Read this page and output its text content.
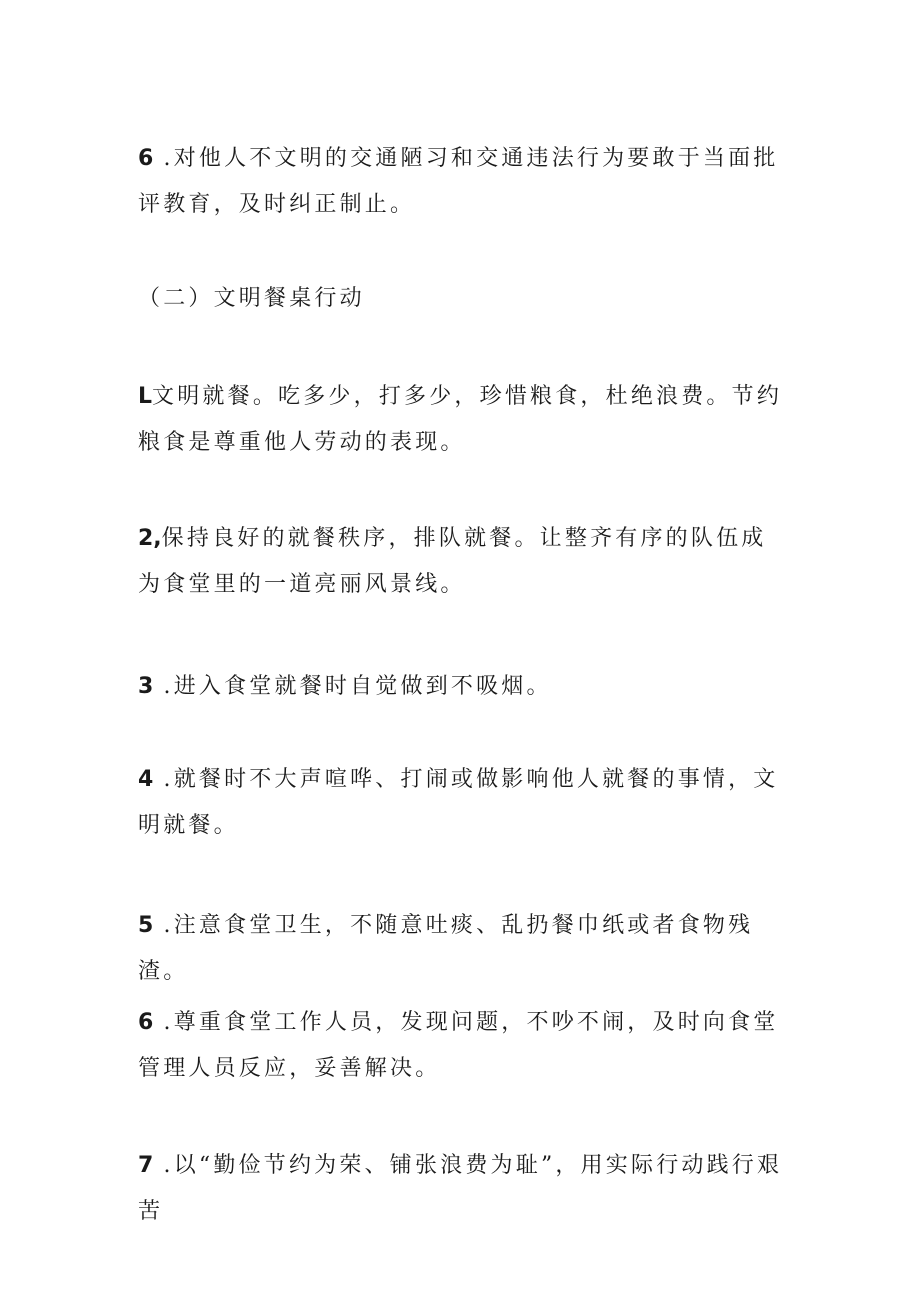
6 .对他人不文明的交通陋习和交通违法行为要敢于当面批评教育，及时纠正制止。

（二）文明餐桌行动

L文明就餐。吃多少，打多少，珍惜粮食，杜绝浪费。节约粮食是尊重他人劳动的表现。

2,保持良好的就餐秩序，排队就餐。让整齐有序的队伍成为食堂里的一道亮丽风景线。

3 .进入食堂就餐时自觉做到不吸烟。

4 .就餐时不大声喧哗、打闹或做影响他人就餐的事情，文明就餐。

5 .注意食堂卫生，不随意吐痰、乱扔餐巾纸或者食物残渣。

6 .尊重食堂工作人员，发现问题，不吵不闹，及时向食堂管理人员反应，妥善解决。

7 .以“勤俭节约为荣、铺张浪费为耻”，用实际行动践行艰苦
